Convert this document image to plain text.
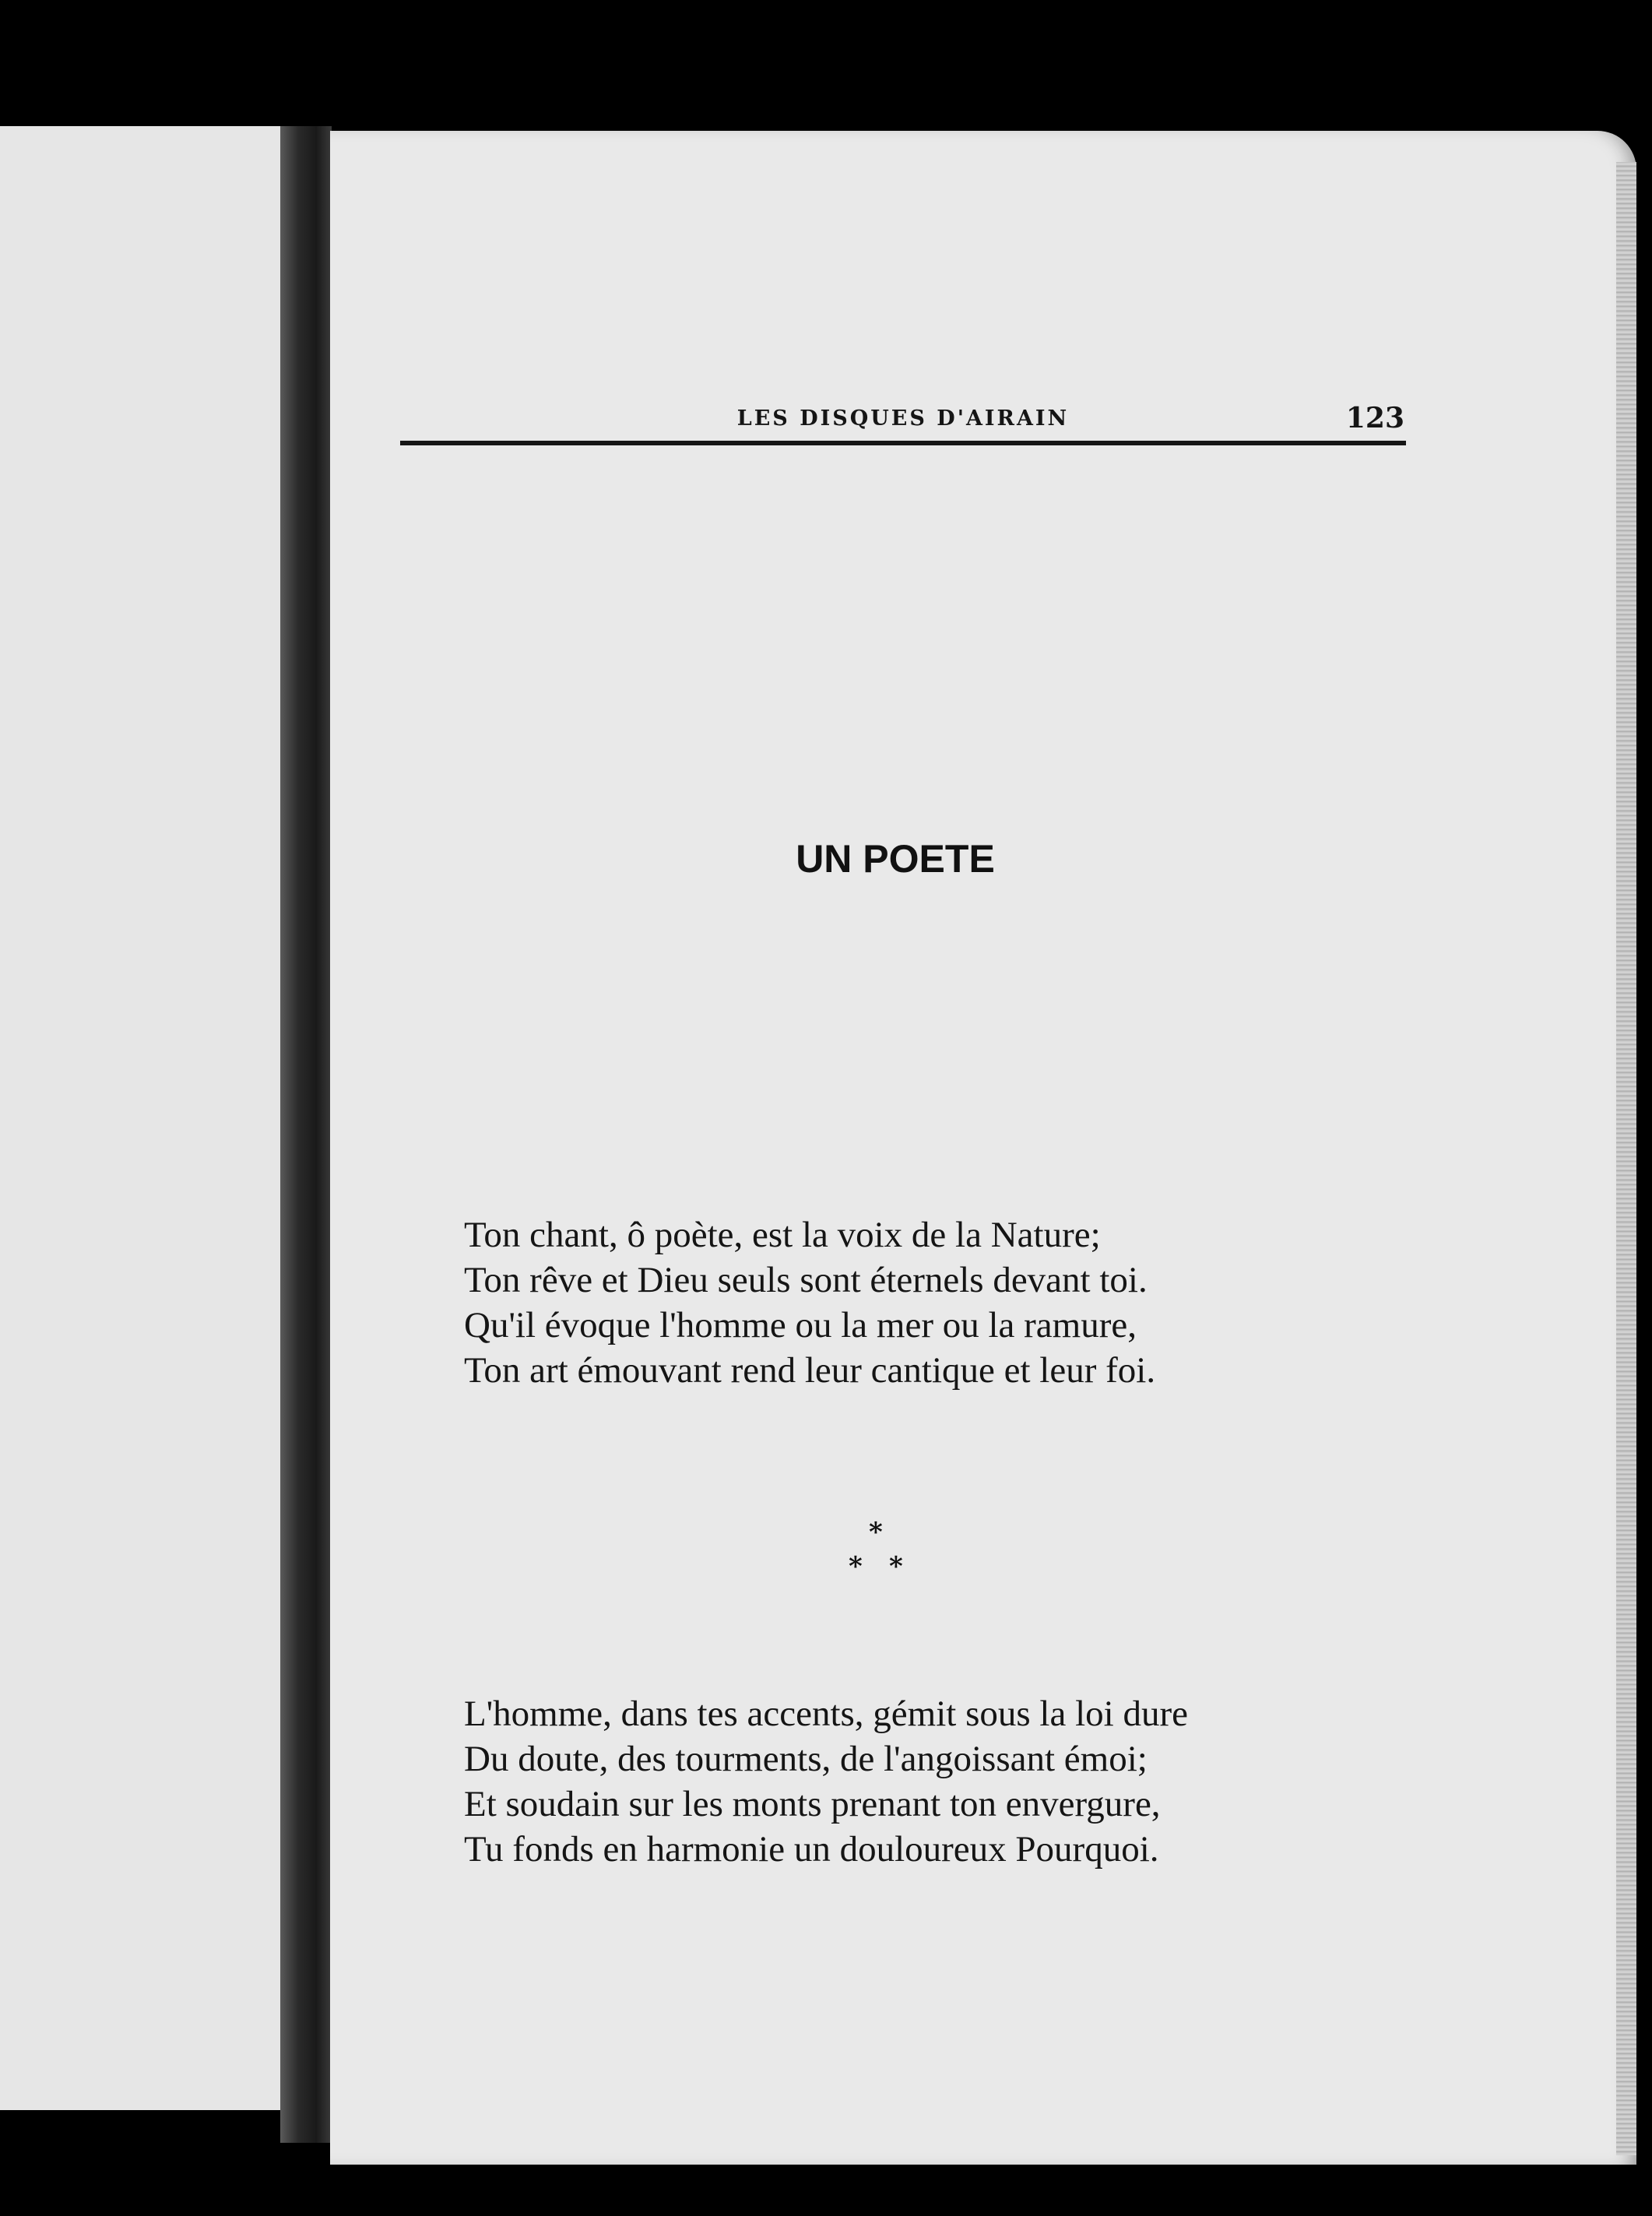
LES DISQUES D'AIRAIN	123
UN POETE
Ton chant, ô poète, est la voix de la Nature;
Ton rêve et Dieu seuls sont éternels devant toi.
Qu'il évoque l'homme ou la mer ou la ramure,
Ton art émouvant rend leur cantique et leur foi.
*
* *
L'homme, dans tes accents, gémit sous la loi dure
Du doute, des tourments, de l'angoissant émoi;
Et soudain sur les monts prenant ton envergure,
Tu fonds en harmonie un douloureux Pourquoi.
